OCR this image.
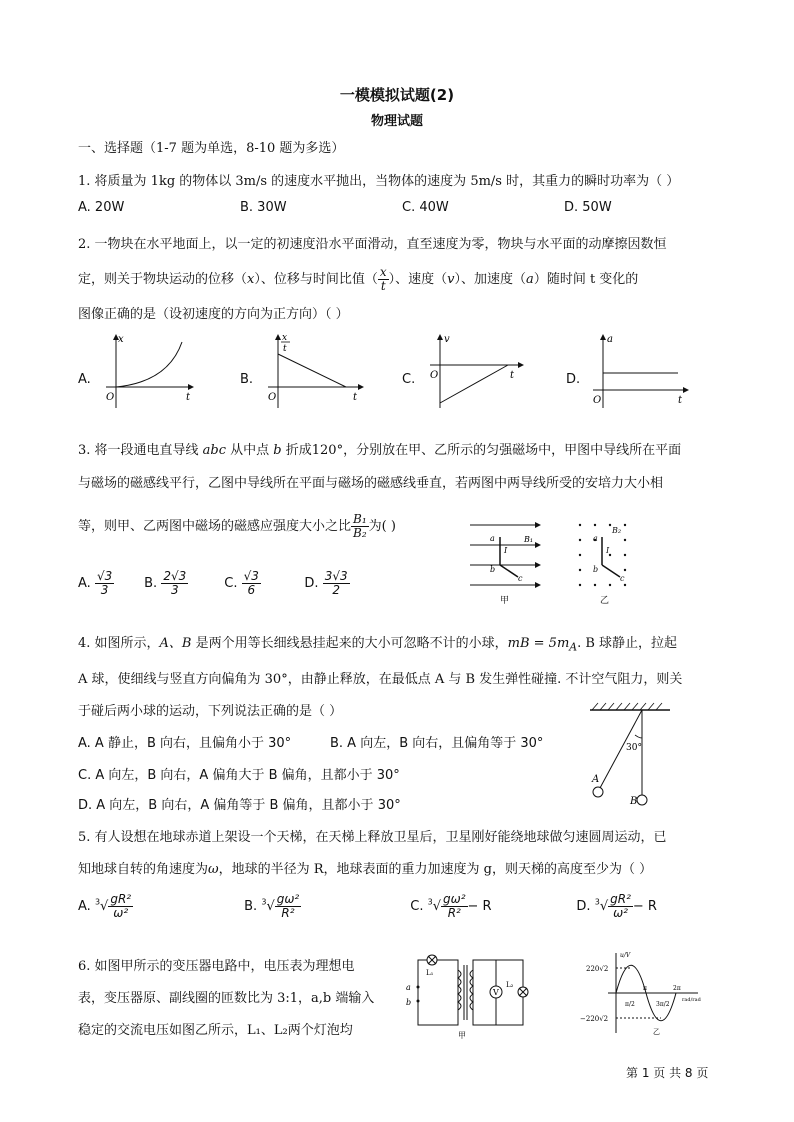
一模模拟试题(2)
物理试题
一、选择题（1-7 题为单选，8-10 题为多选）
1. 将质量为 1kg 的物体以 3m/s 的速度水平抛出，当物体的速度为 5m/s 时，其重力的瞬时功率为（ ）
A. 20W	B. 30W	C. 40W	D. 50W
2. 一物块在水平地面上，以一定的初速度沿水平面滑动，直至速度为零，物块与水平面的动摩擦因数恒
定，则关于物块运动的位移（x）、位移与时间比值（ $\frac{x}{t}$ ）、速度（v）、加速度（a）随时间 t 变化的
图像正确的是（设初速度的方向为正方向）（ ）
A.	B.	C.	D.
x
O	t
x
t
O	t
v
O	t
a
O	t
3. 将一段通电直导线 abc 从中点 b 折成120°，分别放在甲、乙所示的匀强磁场中，甲图中导线所在平面
与磁场的磁感线平行，乙图中导线所在平面与磁场的磁感线垂直，若两图中两导线所受的安培力大小相
等，则甲、乙两图中磁场的磁感应强度大小之比 $\frac{\text{B₁}}{\text{B₂}}$ 为( )
A. $\frac{√3}{3} B$. $\frac{2√3}{3}$	C. $\frac{√3}{6}$	D. $\frac{3√3}{2}$
a
I
b
c
B₁
甲
a
I
b
c
B₂
乙
4. 如图所示，A、B 是两个用等长细线悬挂起来的大小可忽略不计的小球，mB = $5m_A$. B 球静止，拉起
A 球，使细线与竖直方向偏角为 30°，由静止释放，在最低点 A 与 B 发生弹性碰撞. 不计空气阻力，则关
于碰后两小球的运动，下列说法正确的是（ ）
A. A 静止，B 向右，且偏角小于 30°	B. A 向左，B 向右，且偏角等于 30°
C. A 向左，B 向右，A 偏角大于 B 偏角，且都小于 30°
D. A 向左，B 向右，A 偏角等于 B 偏角，且都小于 30°
30°
A
B
5. 有人设想在地球赤道上架设一个天梯，在天梯上释放卫星后，卫星刚好能绕地球做匀速圆周运动，已
知地球自转的角速度为ω，地球的半径为 R，地球表面的重力加速度为 g，则天梯的高度至少为（ ）
A. $^3√ \frac{\text{gR²}}{\text{ω²}}$	B. $^3√ \frac{\text{gω²}}{\text{R²}}$	C. $^3√ \frac{\text{gω²}}{\text{R²}} - R$	D. $^3√ \frac{\text{gR²}}{\text{ω²}} - R$
6. 如图甲所示的变压器电路中，电压表为理想电
表，变压器原、副线圈的匝数比为 3:1，a,b 端输入
稳定的交流电压如图乙所示，L₁、L₂两个灯泡均
V
a
b
L₁
L₂
甲
u/V
220√2
−220√2
π/2
π
3π/2
2π
rad/rad
乙
第 1 页 共 8 页
